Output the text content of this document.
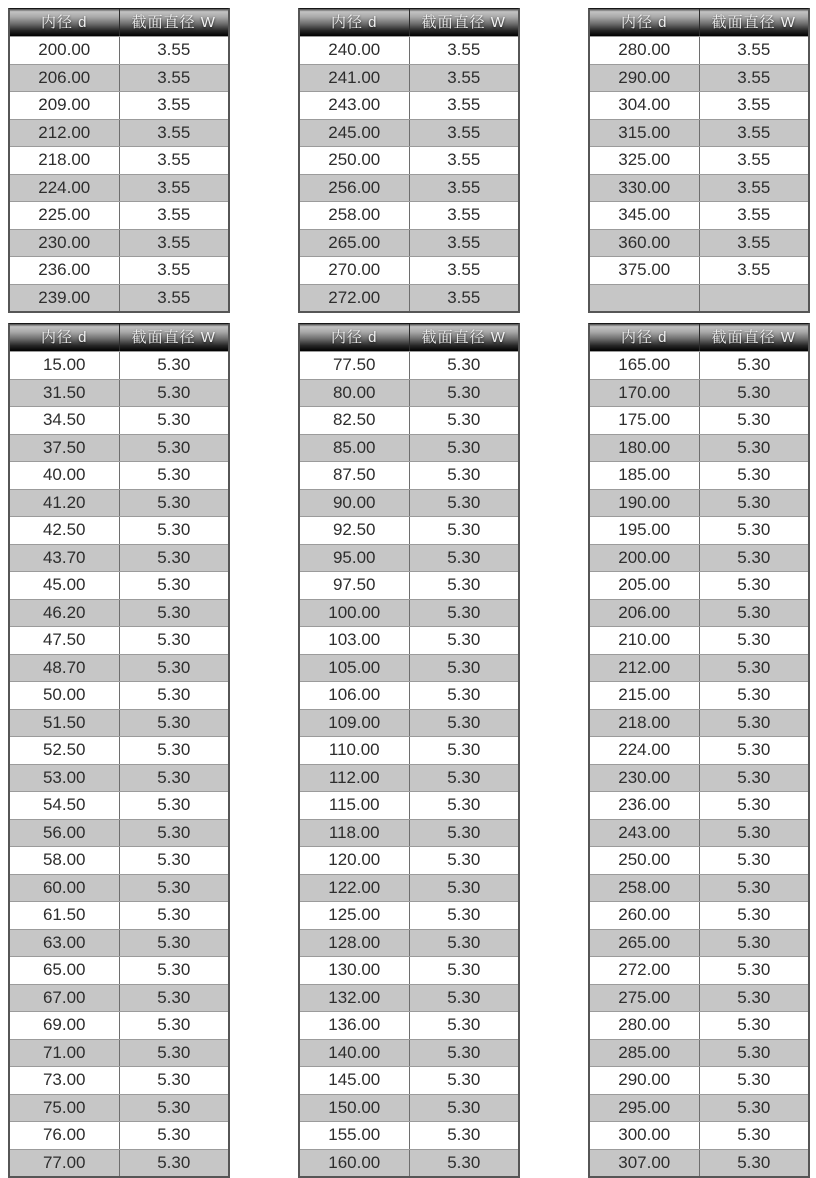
内径 d	截面直径 W
200.00	3.55
206.00	3.55
209.00	3.55
212.00	3.55
218.00	3.55
224.00	3.55
225.00	3.55
230.00	3.55
236.00	3.55
239.00	3.55
内径 d	截面直径 W
240.00	3.55
241.00	3.55
243.00	3.55
245.00	3.55
250.00	3.55
256.00	3.55
258.00	3.55
265.00	3.55
270.00	3.55
272.00	3.55
内径 d	截面直径 W
280.00	3.55
290.00	3.55
304.00	3.55
315.00	3.55
325.00	3.55
330.00	3.55
345.00	3.55
360.00	3.55
375.00	3.55
内径 d	截面直径 W
15.00	5.30
31.50	5.30
34.50	5.30
37.50	5.30
40.00	5.30
41.20	5.30
42.50	5.30
43.70	5.30
45.00	5.30
46.20	5.30
47.50	5.30
48.70	5.30
50.00	5.30
51.50	5.30
52.50	5.30
53.00	5.30
54.50	5.30
56.00	5.30
58.00	5.30
60.00	5.30
61.50	5.30
63.00	5.30
65.00	5.30
67.00	5.30
69.00	5.30
71.00	5.30
73.00	5.30
75.00	5.30
76.00	5.30
77.00	5.30
内径 d	截面直径 W
77.50	5.30
80.00	5.30
82.50	5.30
85.00	5.30
87.50	5.30
90.00	5.30
92.50	5.30
95.00	5.30
97.50	5.30
100.00	5.30
103.00	5.30
105.00	5.30
106.00	5.30
109.00	5.30
110.00	5.30
112.00	5.30
115.00	5.30
118.00	5.30
120.00	5.30
122.00	5.30
125.00	5.30
128.00	5.30
130.00	5.30
132.00	5.30
136.00	5.30
140.00	5.30
145.00	5.30
150.00	5.30
155.00	5.30
160.00	5.30
内径 d	截面直径 W
165.00	5.30
170.00	5.30
175.00	5.30
180.00	5.30
185.00	5.30
190.00	5.30
195.00	5.30
200.00	5.30
205.00	5.30
206.00	5.30
210.00	5.30
212.00	5.30
215.00	5.30
218.00	5.30
224.00	5.30
230.00	5.30
236.00	5.30
243.00	5.30
250.00	5.30
258.00	5.30
260.00	5.30
265.00	5.30
272.00	5.30
275.00	5.30
280.00	5.30
285.00	5.30
290.00	5.30
295.00	5.30
300.00	5.30
307.00	5.30
